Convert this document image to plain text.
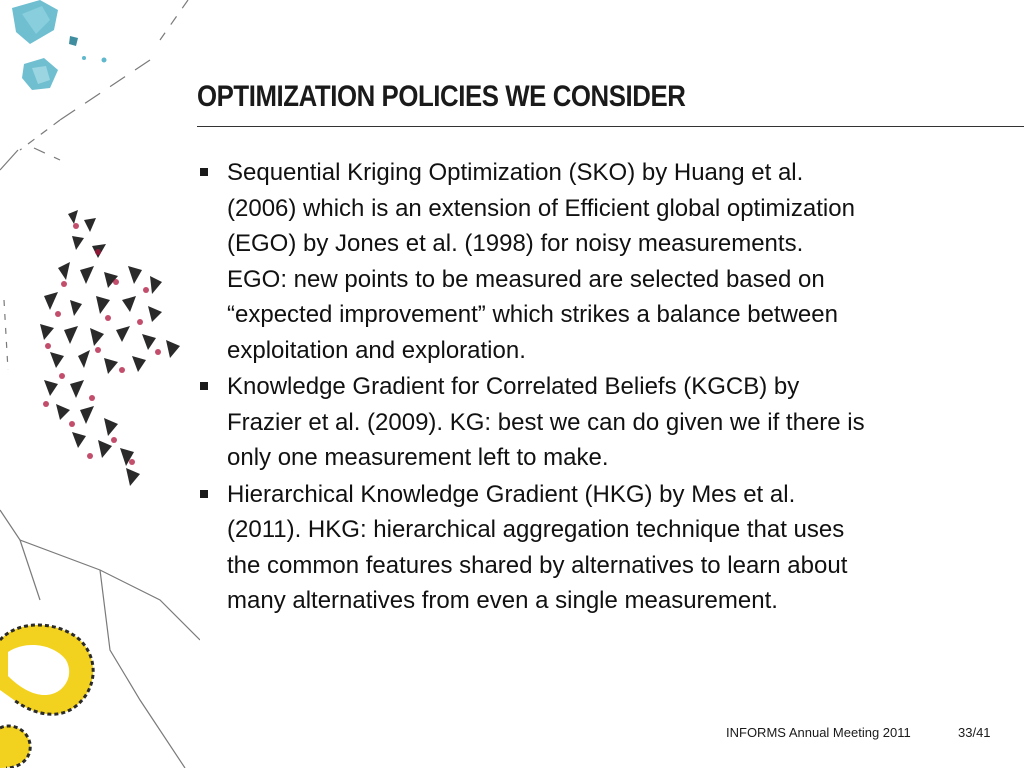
OPTIMIZATION POLICIES WE CONSIDER
Sequential Kriging Optimization (SKO) by Huang et al.
(2006) which is an extension of Efficient global optimization
(EGO) by Jones et al. (1998) for noisy measurements.
EGO: new points to be measured are selected based on
“expected improvement” which strikes a balance between
exploitation and exploration.
Knowledge Gradient for Correlated Beliefs (KGCB) by
Frazier et al. (2009). KG: best we can do given we if there is
only one measurement left to make.
Hierarchical Knowledge Gradient (HKG) by Mes et al.
(2011). HKG: hierarchical aggregation technique that uses
the common features shared by alternatives to learn about
many alternatives from even a single measurement.
INFORMS Annual Meeting 2011	33/41
